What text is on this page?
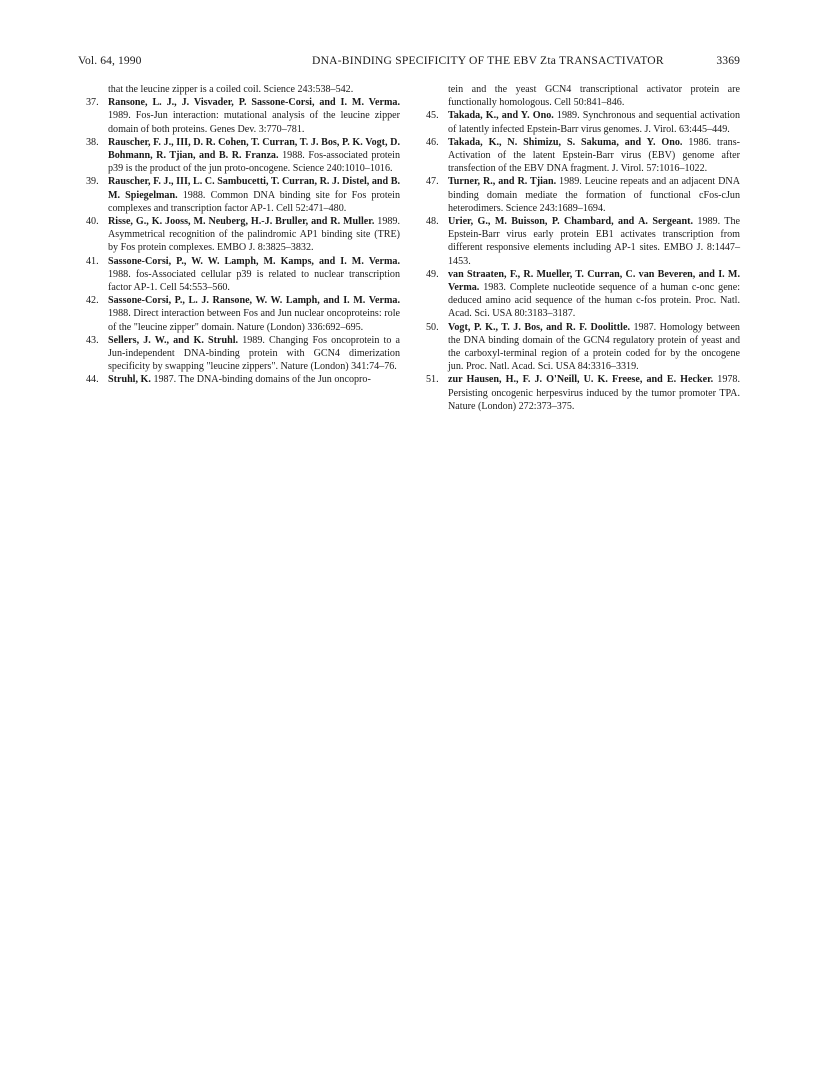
Vol. 64, 1990	DNA-BINDING SPECIFICITY OF THE EBV Zta TRANSACTIVATOR	3369
that the leucine zipper is a coiled coil. Science 243:538–542.
37. Ransone, L. J., J. Visvader, P. Sassone-Corsi, and I. M. Verma. 1989. Fos-Jun interaction: mutational analysis of the leucine zipper domain of both proteins. Genes Dev. 3:770–781.
38. Rauscher, F. J., III, D. R. Cohen, T. Curran, T. J. Bos, P. K. Vogt, D. Bohmann, R. Tjian, and B. R. Franza. 1988. Fos-associated protein p39 is the product of the jun proto-oncogene. Science 240:1010–1016.
39. Rauscher, F. J., III, L. C. Sambucetti, T. Curran, R. J. Distel, and B. M. Spiegelman. 1988. Common DNA binding site for Fos protein complexes and transcription factor AP-1. Cell 52:471–480.
40. Risse, G., K. Jooss, M. Neuberg, H.-J. Bruller, and R. Muller. 1989. Asymmetrical recognition of the palindromic AP1 binding site (TRE) by Fos protein complexes. EMBO J. 8:3825–3832.
41. Sassone-Corsi, P., W. W. Lamph, M. Kamps, and I. M. Verma. 1988. fos-Associated cellular p39 is related to nuclear transcription factor AP-1. Cell 54:553–560.
42. Sassone-Corsi, P., L. J. Ransone, W. W. Lamph, and I. M. Verma. 1988. Direct interaction between Fos and Jun nuclear oncoproteins: role of the "leucine zipper" domain. Nature (London) 336:692–695.
43. Sellers, J. W., and K. Struhl. 1989. Changing Fos oncoprotein to a Jun-independent DNA-binding protein with GCN4 dimerization specificity by swapping "leucine zippers". Nature (London) 341:74–76.
44. Struhl, K. 1987. The DNA-binding domains of the Jun oncopro-
tein and the yeast GCN4 transcriptional activator protein are functionally homologous. Cell 50:841–846.
45. Takada, K., and Y. Ono. 1989. Synchronous and sequential activation of latently infected Epstein-Barr virus genomes. J. Virol. 63:445–449.
46. Takada, K., N. Shimizu, S. Sakuma, and Y. Ono. 1986. trans-Activation of the latent Epstein-Barr virus (EBV) genome after transfection of the EBV DNA fragment. J. Virol. 57:1016–1022.
47. Turner, R., and R. Tjian. 1989. Leucine repeats and an adjacent DNA binding domain mediate the formation of functional cFos-cJun heterodimers. Science 243:1689–1694.
48. Urier, G., M. Buisson, P. Chambard, and A. Sergeant. 1989. The Epstein-Barr virus early protein EB1 activates transcription from different responsive elements including AP-1 sites. EMBO J. 8:1447–1453.
49. van Straaten, F., R. Mueller, T. Curran, C. van Beveren, and I. M. Verma. 1983. Complete nucleotide sequence of a human c-onc gene: deduced amino acid sequence of the human c-fos protein. Proc. Natl. Acad. Sci. USA 80:3183–3187.
50. Vogt, P. K., T. J. Bos, and R. F. Doolittle. 1987. Homology between the DNA binding domain of the GCN4 regulatory protein of yeast and the carboxyl-terminal region of a protein coded for by the oncogene jun. Proc. Natl. Acad. Sci. USA 84:3316–3319.
51. zur Hausen, H., F. J. O'Neill, U. K. Freese, and E. Hecker. 1978. Persisting oncogenic herpesvirus induced by the tumor promoter TPA. Nature (London) 272:373–375.
